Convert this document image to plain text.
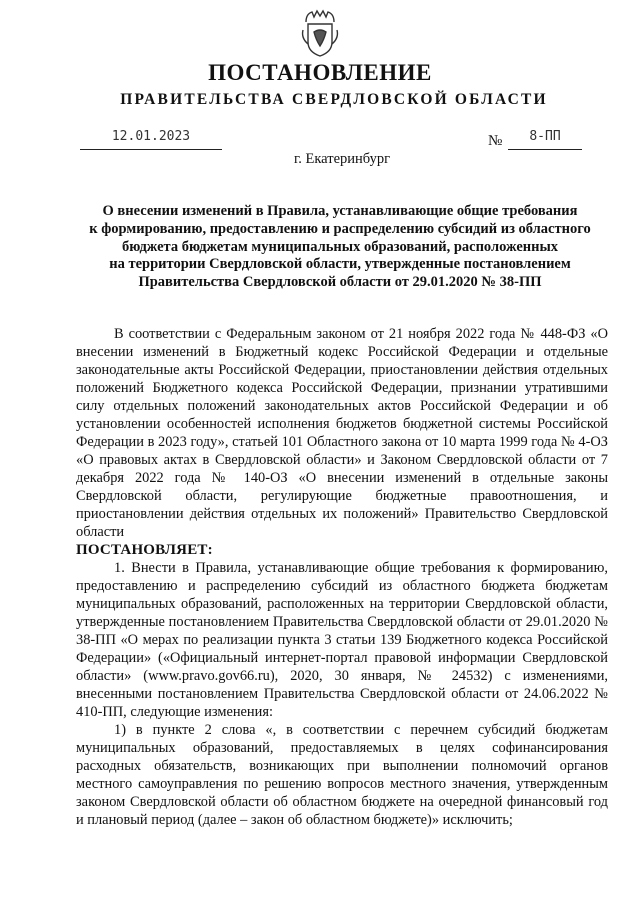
ПОСТАНОВЛЕНИЕ
ПРАВИТЕЛЬСТВА СВЕРДЛОВСКОЙ ОБЛАСТИ
12.01.2023	№	8-ПП
г. Екатеринбург
О внесении изменений в Правила, устанавливающие общие требования
к формированию, предоставлению и распределению субсидий из областного
бюджета бюджетам муниципальных образований, расположенных
на территории Свердловской области, утвержденные постановлением
Правительства Свердловской области от 29.01.2020 № 38-ПП

В соответствии с Федеральным законом от 21 ноября 2022 года № 448-ФЗ «О внесении изменений в Бюджетный кодекс Российской Федерации и отдельные законодательные акты Российской Федерации, приостановлении действия отдельных положений Бюджетного кодекса Российской Федерации, признании утратившими силу отдельных положений законодательных актов Российской Федерации и об установлении особенностей исполнения бюджетов бюджетной системы Российской Федерации в 2023 году», статьей 101 Областного закона от 10 марта 1999 года № 4-ОЗ «О правовых актах в Свердловской области» и Законом Свердловской области от 7 декабря 2022 года № 140-ОЗ «О внесении изменений в отдельные законы Свердловской области, регулирующие бюджетные правоотношения, и приостановлении действия отдельных их положений» Правительство Свердловской области

ПОСТАНОВЛЯЕТ:

1. Внести в Правила, устанавливающие общие требования к формированию, предоставлению и распределению субсидий из областного бюджета бюджетам муниципальных образований, расположенных на территории Свердловской области, утвержденные постановлением Правительства Свердловской области от 29.01.2020 № 38-ПП «О мерах по реализации пункта 3 статьи 139 Бюджетного кодекса Российской Федерации» («Официальный интернет-портал правовой информации Свердловской области» (www.pravo.gov66.ru), 2020, 30 января, № 24532) с изменениями, внесенными постановлением Правительства Свердловской области от 24.06.2022 № 410-ПП, следующие изменения:

1) в пункте 2 слова «, в соответствии с перечнем субсидий бюджетам муниципальных образований, предоставляемых в целях софинансирования расходных обязательств, возникающих при выполнении полномочий органов местного самоуправления по решению вопросов местного значения, утвержденным законом Свердловской области об областном бюджете на очередной финансовый год и плановый период (далее – закон об областном бюджете)» исключить;
